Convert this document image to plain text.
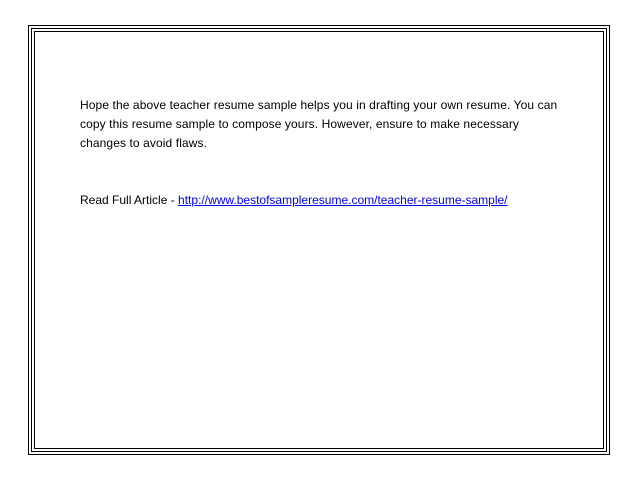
Hope the above teacher resume sample helps you in drafting your own resume. You can
copy this resume sample to compose yours. However, ensure to make necessary
changes to avoid flaws.

Read Full Article - http://www.bestofsampleresume.com/teacher-resume-sample/
